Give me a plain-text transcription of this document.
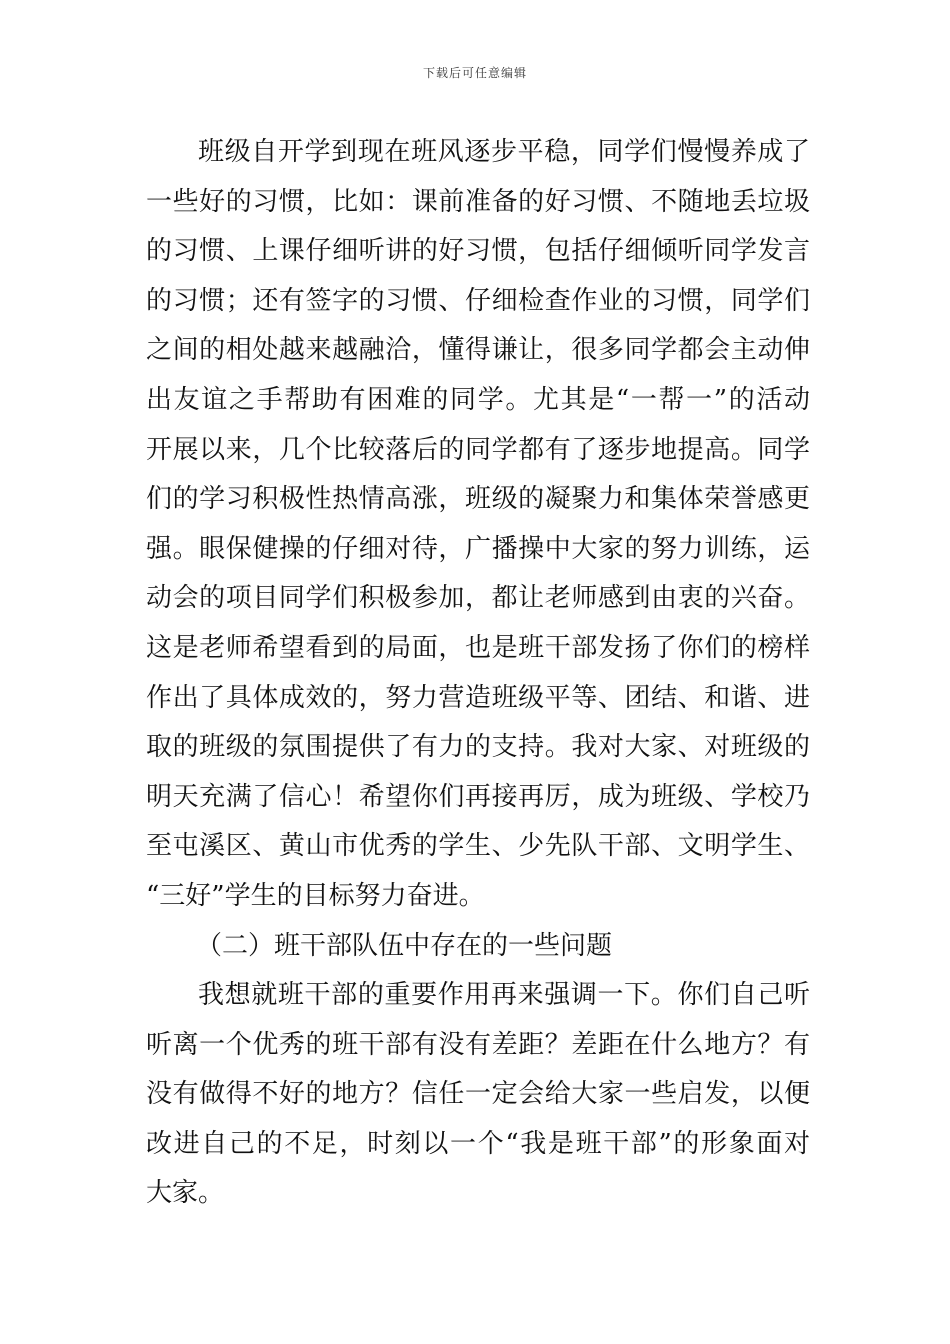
下载后可任意编辑
班级自开学到现在班风逐步平稳，同学们慢慢养成了
一些好的习惯，比如：课前准备的好习惯、不随地丢垃圾
的习惯、上课仔细听讲的好习惯，包括仔细倾听同学发言
的习惯；还有签字的习惯、仔细检查作业的习惯，同学们
之间的相处越来越融洽，懂得谦让，很多同学都会主动伸
出友谊之手帮助有困难的同学。尤其是“一帮一”的活动
开展以来，几个比较落后的同学都有了逐步地提高。同学
们的学习积极性热情高涨，班级的凝聚力和集体荣誉感更
强。眼保健操的仔细对待，广播操中大家的努力训练，运
动会的项目同学们积极参加，都让老师感到由衷的兴奋。
这是老师希望看到的局面，也是班干部发扬了你们的榜样
作出了具体成效的，努力营造班级平等、团结、和谐、进
取的班级的氛围提供了有力的支持。我对大家、对班级的
明天充满了信心！希望你们再接再厉，成为班级、学校乃
至屯溪区、黄山市优秀的学生、少先队干部、文明学生、
“三好”学生的目标努力奋进。
（二）班干部队伍中存在的一些问题
我想就班干部的重要作用再来强调一下。你们自己听
听离一个优秀的班干部有没有差距？差距在什么地方？有
没有做得不好的地方？信任一定会给大家一些启发，以便
改进自己的不足，时刻以一个“我是班干部”的形象面对
大家。
